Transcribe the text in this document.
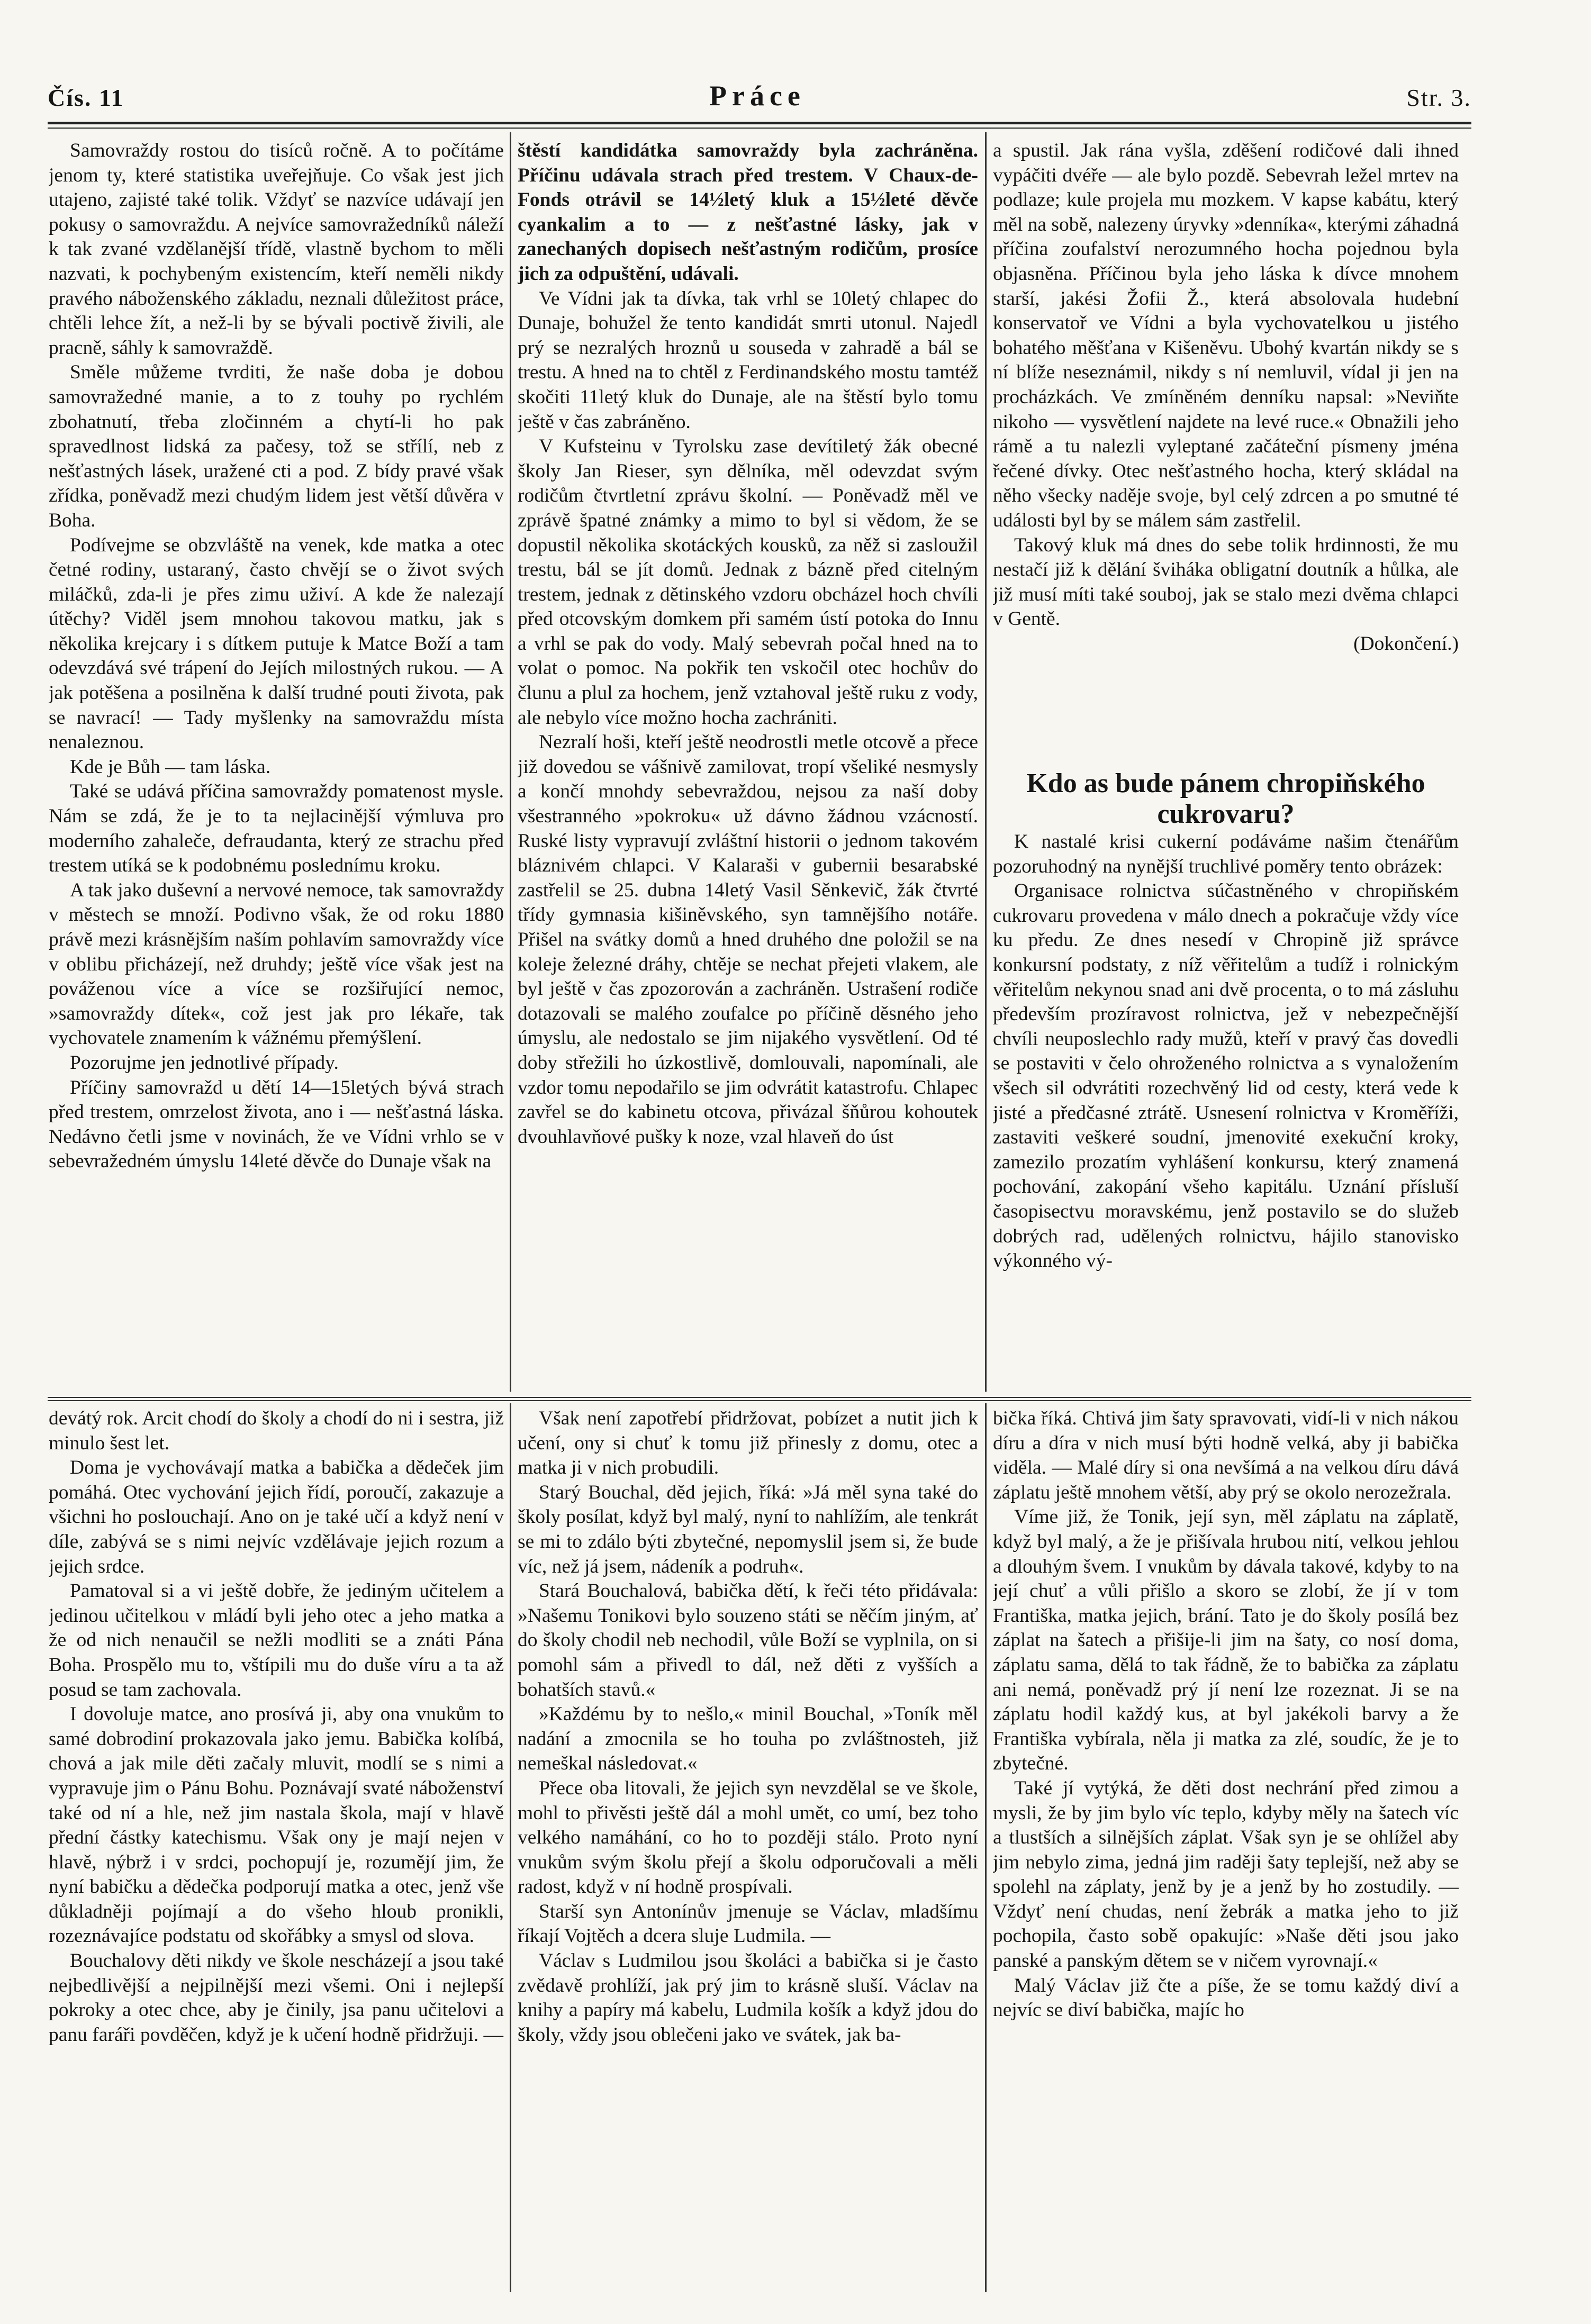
Čís. 11	Práce	Str. 3.

Samovraždy rostou do tisíců ročně. A to počítáme jenom ty, které statistika uveřejňuje. Co však jest jich utajeno, zajisté také tolik. Vždyť se nazvíce udávají jen pokusy o samovraždu. A nejvíce samovražedníků náleží k tak zvané vzdělanější třídě, vlastně bychom to měli nazvati, k pochybeným existencím, kteří neměli nikdy pravého náboženského základu, neznali důležitost práce, chtěli lehce žít, a než-li by se bývali poctivě živili, ale pracně, sáhly k samovraždě.

Směle můžeme tvrditi, že naše doba je dobou samovražedné manie, a to z touhy po rychlém zbohatnutí, třeba zločinném a chytí-li ho pak spravedlnost lidská za pačesy, tož se střílí, neb z nešťastných lásek, uražené cti a pod. Z bídy pravé však zřídka, poněvadž mezi chudým lidem jest větší důvěra v Boha.

Podívejme se obzvláště na venek, kde matka a otec četné rodiny, ustaraný, často chvějí se o život svých miláčků, zda-li je přes zimu uživí. A kde že nalezají útěchy? Viděl jsem mnohou takovou matku, jak s několika krejcary i s dítkem putuje k Matce Boží a tam odevzdává své trápení do Jejích milostných rukou. — A jak potěšena a posilněna k další trudné pouti života, pak se navrací! — Tady myšlenky na samovraždu místa nenaleznou.

Kde je Bůh — tam láska.

Také se udává příčina samovraždy pomatenost mysle. Nám se zdá, že je to ta nejlacinější výmluva pro moderního zahaleče, defraudanta, který ze strachu před trestem utíká se k podobnému poslednímu kroku.

A tak jako duševní a nervové nemoce, tak samovraždy v městech se množí. Podivno však, že od roku 1880 právě mezi krásnějším naším pohlavím samovraždy více v oblibu přicházejí, než druhdy; ještě více však jest na pováženou více a více se rozšiřující nemoc, »samovraždy dítek«, což jest jak pro lékaře, tak vychovatele znamením k vážnému přemýšlení.

Pozorujme jen jednotlivé případy.

Příčiny samovražd u dětí 14—15letých bývá strach před trestem, omrzelost života, ano i — nešťastná láska. Nedávno četli jsme v novinách, že ve Vídni vrhlo se v sebevražedném úmyslu 14leté děvče do Dunaje však na

štěstí kandidátka samovraždy byla zachráněna. Příčinu udávala strach před trestem. V Chaux-de-Fonds otrávil se 14½letý kluk a 15½leté děvče cyankalim a to — z nešťastné lásky, jak v zanechaných dopisech nešťastným rodičům, prosíce jich za odpuštění, udávali.

Ve Vídni jak ta dívka, tak vrhl se 10letý chlapec do Dunaje, bohužel že tento kandidát smrti utonul. Najedl prý se nezralých hroznů u souseda v zahradě a bál se trestu. A hned na to chtěl z Ferdinandského mostu tamtéž skočiti 11letý kluk do Dunaje, ale na štěstí bylo tomu ještě v čas zabráněno.

V Kufsteinu v Tyrolsku zase devítiletý žák obecné školy Jan Rieser, syn dělníka, měl odevzdat svým rodičům čtvrtletní zprávu školní. — Poněvadž měl ve zprávě špatné známky a mimo to byl si vědom, že se dopustil několika skotáckých kousků, za něž si zasloužil trestu, bál se jít domů. Jednak z bázně před citelným trestem, jednak z dětinského vzdoru obcházel hoch chvíli před otcovským domkem při samém ústí potoka do Innu a vrhl se pak do vody. Malý sebevrah počal hned na to volat o pomoc. Na pokřik ten vskočil otec hochův do člunu a plul za hochem, jenž vztahoval ještě ruku z vody, ale nebylo více možno hocha zachrániti.

Nezralí hoši, kteří ještě neodrostli metle otcově a přece již dovedou se vášnivě zamilovat, tropí všeliké nesmysly a končí mnohdy sebevraždou, nejsou za naší doby všestranného »pokroku« už dávno žádnou vzácností. Ruské listy vypravují zvláštní historii o jednom takovém bláznivém chlapci. V Kalaraši v gubernii besarabské zastřelil se 25. dubna 14letý Vasil Sěnkevič, žák čtvrté třídy gymnasia kišiněvského, syn tamnějšího notáře. Přišel na svátky domů a hned druhého dne položil se na koleje železné dráhy, chtěje se nechat přejeti vlakem, ale byl ještě v čas zpozorován a zachráněn. Ustrašení rodiče dotazovali se malého zoufalce po příčině děsného jeho úmyslu, ale nedostalo se jim nijakého vysvětlení. Od té doby střežili ho úzkostlivě, domlouvali, napomínali, ale vzdor tomu nepodařilo se jim odvrátit katastrofu. Chlapec zavřel se do kabinetu otcova, přivázal šňůrou kohoutek dvouhlavňové pušky k noze, vzal hlaveň do úst

a spustil. Jak rána vyšla, zděšení rodičové dali ihned vypáčiti dvéře — ale bylo pozdě. Sebevrah ležel mrtev na podlaze; kule projela mu mozkem. V kapse kabátu, který měl na sobě, nalezeny úryvky »denníka«, kterými záhadná příčina zoufalství nerozumného hocha pojednou byla objasněna. Příčinou byla jeho láska k dívce mnohem starší, jakési Žofii Ž., která absolovala hudební konservatoř ve Vídni a byla vychovatelkou u jistého bohatého měšťana v Kišeněvu. Ubohý kvartán nikdy se s ní blíže neseznámil, nikdy s ní nemluvil, vídal ji jen na procházkách. Ve zmíněném denníku napsal: »Neviňte nikoho — vysvětlení najdete na levé ruce.« Obnažili jeho rámě a tu nalezli vyleptané začáteční písmeny jména řečené dívky. Otec nešťastného hocha, který skládal na něho všecky naděje svoje, byl celý zdrcen a po smutné té události byl by se málem sám zastřelil.

Takový kluk má dnes do sebe tolik hrdinnosti, že mu nestačí již k dělání šviháka obligatní doutník a hůlka, ale již musí míti také souboj, jak se stalo mezi dvěma chlapci v Gentě.

(Dokončení.)

Kdo as bude pánem chropiňského cukrovaru?

K nastalé krisi cukerní podáváme našim čtenářům pozoruhodný na nynější truchlivé poměry tento obrázek:

Organisace rolnictva súčastněného v chropiňském cukrovaru provedena v málo dnech a pokračuje vždy více ku předu. Ze dnes nesedí v Chropině již správce konkursní podstaty, z níž věřitelům a tudíž i rolnickým věřitelům nekynou snad ani dvě procenta, o to má zásluhu především prozíravost rolnictva, jež v nebezpečnější chvíli neuposlechlo rady mužů, kteří v pravý čas dovedli se postaviti v čelo ohroženého rolnictva a s vynaložením všech sil odvrátiti rozechvěný lid od cesty, která vede k jisté a předčasné ztrátě. Usnesení rolnictva v Kroměříži, zastaviti veškeré soudní, jmenovité exekuční kroky, zamezilo prozatím vyhlášení konkursu, který znamená pochování, zakopání všeho kapitálu. Uznání přísluší časopisectvu moravskému, jenž postavilo se do služeb dobrých rad, udělených rolnictvu, hájilo stanovisko výkonného vý-

devátý rok. Arcit chodí do školy a chodí do ni i sestra, již minulo šest let.

Doma je vychovávají matka a babička a dědeček jim pomáhá. Otec vychování jejich řídí, poroučí, zakazuje a všichni ho poslouchají. Ano on je také učí a když není v díle, zabývá se s nimi nejvíc vzdělávaje jejich rozum a jejich srdce.

Pamatoval si a vi ještě dobře, že jediným učitelem a jedinou učitelkou v mládí byli jeho otec a jeho matka a že od nich nenaučil se nežli modliti se a znáti Pána Boha. Prospělo mu to, vštípili mu do duše víru a ta až posud se tam zachovala.

I dovoluje matce, ano prosívá ji, aby ona vnukům to samé dobrodiní prokazovala jako jemu. Babička kolíbá, chová a jak mile děti začaly mluvit, modlí se s nimi a vypravuje jim o Pánu Bohu. Poznávají svaté náboženství také od ní a hle, než jim nastala škola, mají v hlavě přední částky katechismu. Však ony je mají nejen v hlavě, nýbrž i v srdci, pochopují je, rozumějí jim, že nyní babičku a dědečka podporují matka a otec, jenž vše důkladněji pojímají a do všeho hloub pronikli, rozeznávajíce podstatu od skořábky a smysl od slova.

Bouchalovy děti nikdy ve škole nescházejí a jsou také nejbedlivější a nejpilnější mezi všemi. Oni i nejlepší pokroky a otec chce, aby je činily, jsa panu učitelovi a panu faráři povděčen, když je k učení hodně přidržuji. —

Však není zapotřebí přidržovat, pobízet a nutit jich k učení, ony si chuť k tomu již přinesly z domu, otec a matka ji v nich probudili.

Starý Bouchal, děd jejich, říká: »Já měl syna také do školy posílat, když byl malý, nyní to nahlížím, ale tenkrát se mi to zdálo býti zbytečné, nepomyslil jsem si, že bude víc, než já jsem, nádeník a podruh«.

Stará Bouchalová, babička dětí, k řeči této přidávala: »Našemu Tonikovi bylo souzeno státi se něčím jiným, ať do školy chodil neb nechodil, vůle Boží se vyplnila, on si pomohl sám a přivedl to dál, než děti z vyšších a bohatších stavů.«

»Každému by to nešlo,« minil Bouchal, »Toník měl nadání a zmocnila se ho touha po zvláštnosteh, již nemeškal následovat.«

Přece oba litovali, že jejich syn nevzdělal se ve škole, mohl to přivěsti ještě dál a mohl umět, co umí, bez toho velkého namáhání, co ho to později stálo. Proto nyní vnukům svým školu přejí a školu odporučovali a měli radost, když v ní hodně prospívali.

Starší syn Antonínův jmenuje se Václav, mladšímu říkají Vojtěch a dcera sluje Ludmila. —

Václav s Ludmilou jsou školáci a babička si je často zvědavě prohlíží, jak prý jim to krásně sluší. Václav na knihy a papíry má kabelu, Ludmila košík a když jdou do školy, vždy jsou oblečeni jako ve svátek, jak ba-

bička říká. Chtivá jim šaty spravovati, vidí-li v nich nákou díru a díra v nich musí býti hodně velká, aby ji babička viděla. — Malé díry si ona nevšímá a na velkou díru dává záplatu ještě mnohem větší, aby prý se okolo nerozežrala.

Víme již, že Tonik, její syn, měl záplatu na záplatě, když byl malý, a že je přišívala hrubou nití, velkou jehlou a dlouhým švem. I vnukům by dávala takové, kdyby to na její chuť a vůli přišlo a skoro se zlobí, že jí v tom Františka, matka jejich, brání. Tato je do školy posílá bez záplat na šatech a přišije-li jim na šaty, co nosí doma, záplatu sama, dělá to tak řádně, že to babička za záplatu ani nemá, poněvadž prý jí není lze rozeznat. Ji se na záplatu hodil každý kus, at byl jakékoli barvy a že Františka vybírala, něla ji matka za zlé, soudíc, že je to zbytečné.

Také jí vytýká, že děti dost nechrání před zimou a mysli, že by jim bylo víc teplo, kdyby měly na šatech víc a tlustších a silnějších záplat. Však syn je se ohlížel aby jim nebylo zima, jedná jim raději šaty teplejší, než aby se spolehl na záplaty, jenž by je a jenž by ho zostudily. — Vždyť není chudas, není žebrák a matka jeho to již pochopila, často sobě opakujíc: »Naše děti jsou jako panské a panským dětem se v ničem vyrovnají.«

Malý Václav již čte a píše, že se tomu každý diví a nejvíc se diví babička, majíc ho
